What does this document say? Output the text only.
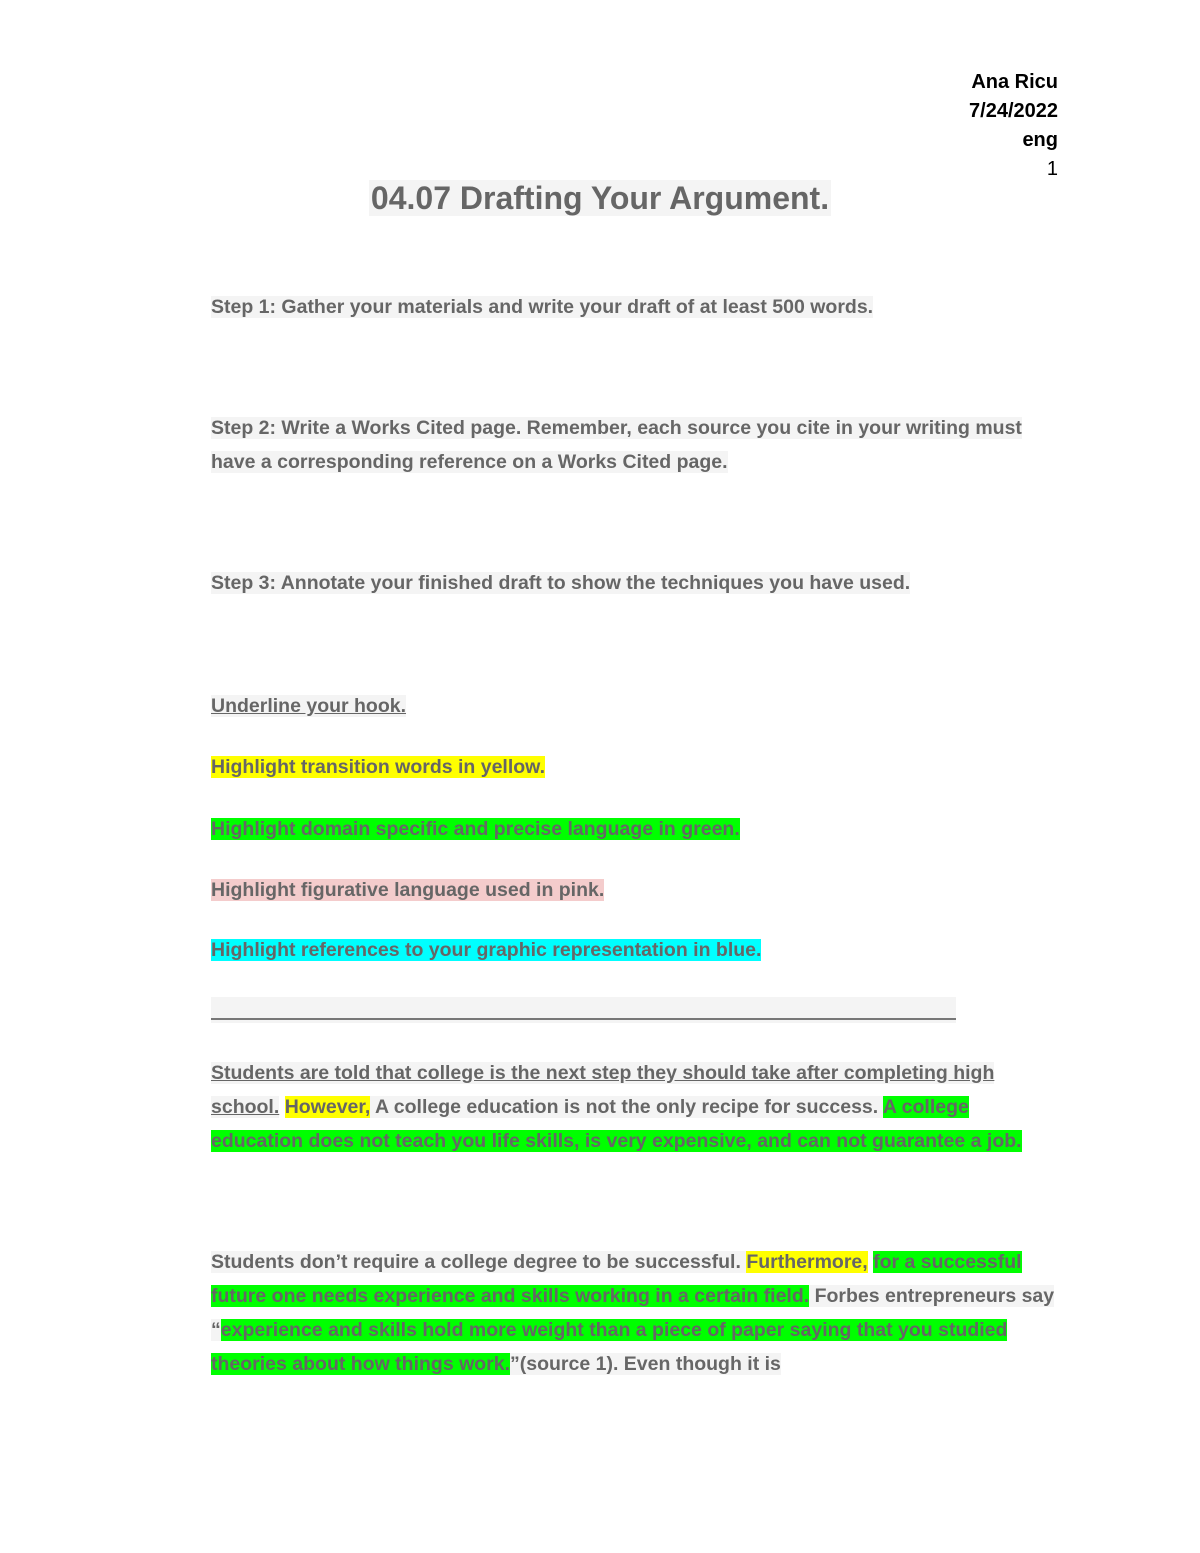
Ana Ricu
7/24/2022
eng
1
04.07 Drafting Your Argument.
Step 1: Gather your materials and write your draft of at least 500 words.
Step 2: Write a Works Cited page. Remember, each source you cite in your writing must have a corresponding reference on a Works Cited page.
Step 3: Annotate your finished draft to show the techniques you have used.
Underline your hook.
Highlight transition words in yellow.
Highlight domain specific and precise language in green.
Highlight figurative language used in pink.
Highlight references to your graphic representation in blue.
Students are told that college is the next step they should take after completing high school. However, A college education is not the only recipe for success. A college education does not teach you life skills, is very expensive, and can not guarantee a job.
Students don’t require a college degree to be successful. Furthermore, for a successful future one needs experience and skills working in a certain field. Forbes entrepreneurs say “experience and skills hold more weight than a piece of paper saying that you studied theories about how things work.”(source 1). Even though it is
